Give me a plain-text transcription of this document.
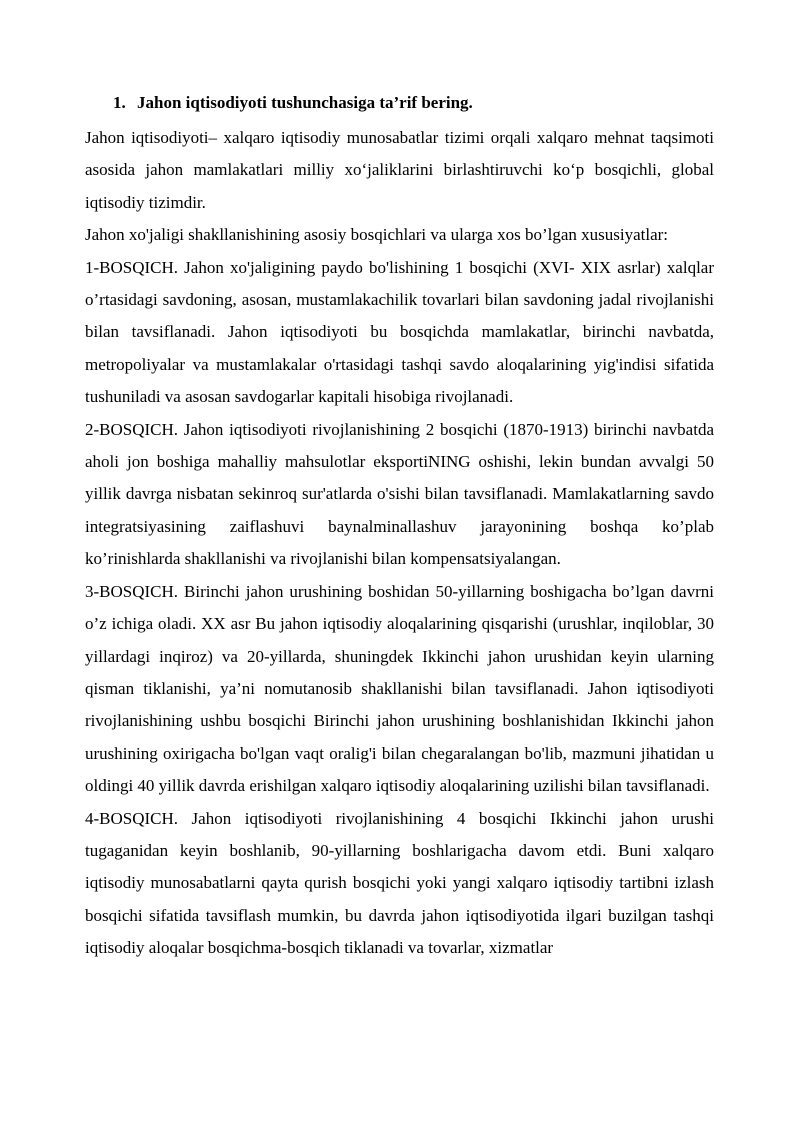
1. Jahon iqtisodiyoti tushunchasiga ta’rif bering.

Jahon iqtisodiyoti– xalqaro iqtisodiy munosabatlar tizimi orqali xalqaro mehnat taqsimoti asosida jahon mamlakatlari milliy xo‘jaliklarini birlashtiruvchi ko‘p bosqichli, global iqtisodiy tizimdir.

Jahon xo'jaligi shakllanishining asosiy bosqichlari va ularga xos bo’lgan xususiyatlar:

1-BOSQICH. Jahon xo'jaligining paydo bo'lishining 1 bosqichi (XVI- XIX asrlar) xalqlar o’rtasidagi savdoning, asosan, mustamlakachilik tovarlari bilan savdoning jadal rivojlanishi bilan tavsiflanadi. Jahon iqtisodiyoti bu bosqichda mamlakatlar, birinchi navbatda, metropoliyalar va mustamlakalar o'rtasidagi tashqi savdo aloqalarining yig'indisi sifatida tushuniladi va asosan savdogarlar kapitali hisobiga rivojlanadi.

2-BOSQICH. Jahon iqtisodiyoti rivojlanishining 2 bosqichi (1870-1913) birinchi navbatda aholi jon boshiga mahalliy mahsulotlar eksportiNING oshishi, lekin bundan avvalgi 50 yillik davrga nisbatan sekinroq sur'atlarda o'sishi bilan tavsiflanadi. Mamlakatlarning savdo integratsiyasining zaiflashuvi baynalminallashuv jarayonining boshqa ko’plab ko’rinishlarda shakllanishi va rivojlanishi bilan kompensatsiyalangan.

3-BOSQICH. Birinchi jahon urushining boshidan 50-yillarning boshigacha bo’lgan davrni o’z ichiga oladi. XX asr Bu jahon iqtisodiy aloqalarining qisqarishi (urushlar, inqiloblar, 30 yillardagi inqiroz) va 20-yillarda, shuningdek Ikkinchi jahon urushidan keyin ularning qisman tiklanishi, ya’ni nomutanosib shakllanishi bilan tavsiflanadi. Jahon iqtisodiyoti rivojlanishining ushbu bosqichi Birinchi jahon urushining boshlanishidan Ikkinchi jahon urushining oxirigacha bo'lgan vaqt oralig'i bilan chegaralangan bo'lib, mazmuni jihatidan u oldingi 40 yillik davrda erishilgan xalqaro iqtisodiy aloqalarining uzilishi bilan tavsiflanadi.

4-BOSQICH. Jahon iqtisodiyoti rivojlanishining 4 bosqichi Ikkinchi jahon urushi tugaganidan keyin boshlanib, 90-yillarning boshlarigacha davom etdi. Buni xalqaro iqtisodiy munosabatlarni qayta qurish bosqichi yoki yangi xalqaro iqtisodiy tartibni izlash bosqichi sifatida tavsiflash mumkin, bu davrda jahon iqtisodiyotida ilgari buzilgan tashqi iqtisodiy aloqalar bosqichma-bosqich tiklanadi va tovarlar, xizmatlar
